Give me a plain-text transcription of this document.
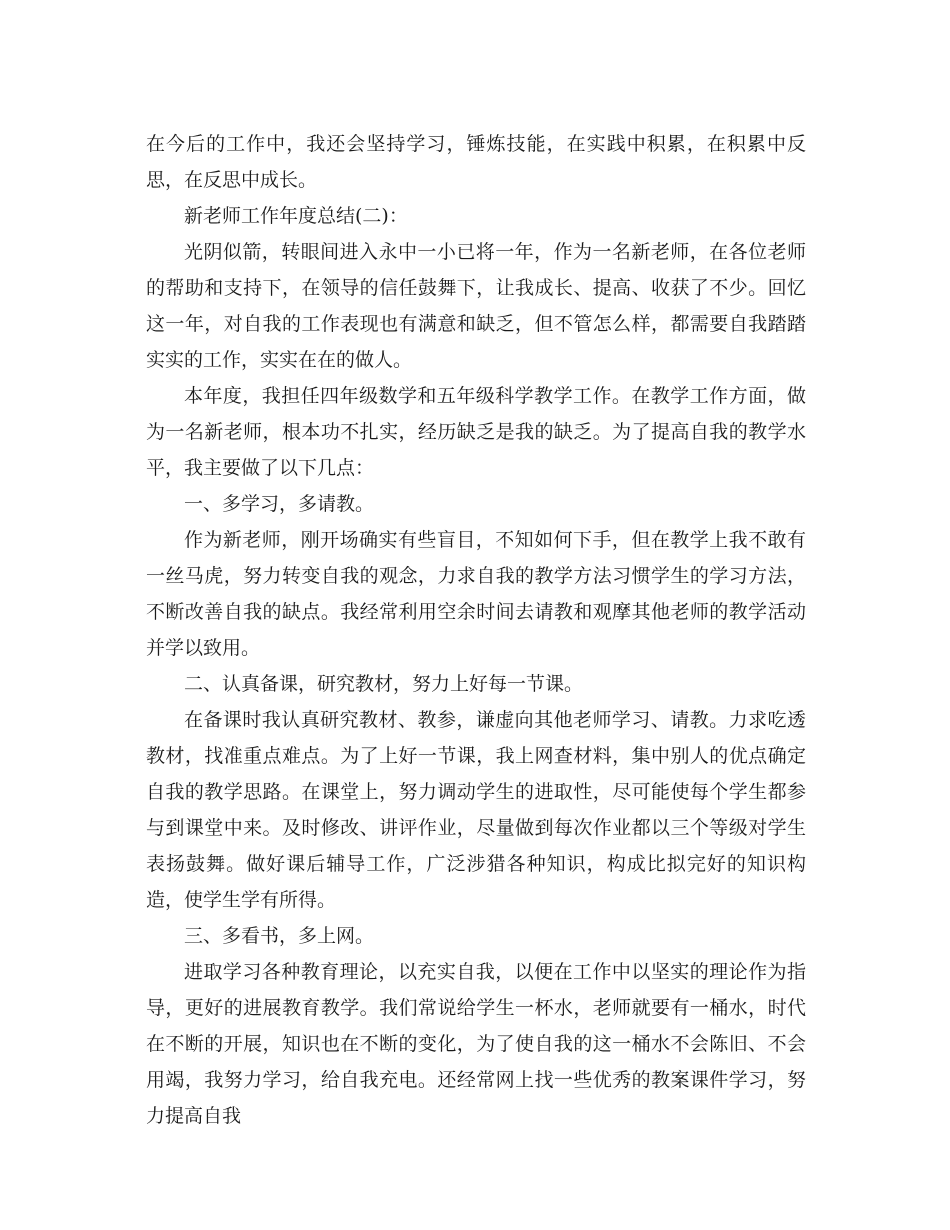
在今后的工作中，我还会坚持学习，锤炼技能，在实践中积累，在积累中反思，在反思中成长。

新老师工作年度总结(二)：

光阴似箭，转眼间进入永中一小已将一年，作为一名新老师，在各位老师的帮助和支持下，在领导的信任鼓舞下，让我成长、提高、收获了不少。回忆这一年，对自我的工作表现也有满意和缺乏，但不管怎么样，都需要自我踏踏实实的工作，实实在在的做人。

本年度，我担任四年级数学和五年级科学教学工作。在教学工作方面，做为一名新老师，根本功不扎实，经历缺乏是我的缺乏。为了提高自我的教学水平，我主要做了以下几点：

一、多学习，多请教。

作为新老师，刚开场确实有些盲目，不知如何下手，但在教学上我不敢有一丝马虎，努力转变自我的观念，力求自我的教学方法习惯学生的学习方法，不断改善自我的缺点。我经常利用空余时间去请教和观摩其他老师的教学活动并学以致用。

二、认真备课，研究教材，努力上好每一节课。

在备课时我认真研究教材、教参，谦虚向其他老师学习、请教。力求吃透教材，找准重点难点。为了上好一节课，我上网查材料，集中别人的优点确定自我的教学思路。在课堂上，努力调动学生的进取性，尽可能使每个学生都参与到课堂中来。及时修改、讲评作业，尽量做到每次作业都以三个等级对学生表扬鼓舞。做好课后辅导工作，广泛涉猎各种知识，构成比拟完好的知识构造，使学生学有所得。

三、多看书，多上网。

进取学习各种教育理论，以充实自我，以便在工作中以坚实的理论作为指导，更好的进展教育教学。我们常说给学生一杯水，老师就要有一桶水，时代在不断的开展，知识也在不断的变化，为了使自我的这一桶水不会陈旧、不会用竭，我努力学习，给自我充电。还经常网上找一些优秀的教案课件学习，努力提高自我
